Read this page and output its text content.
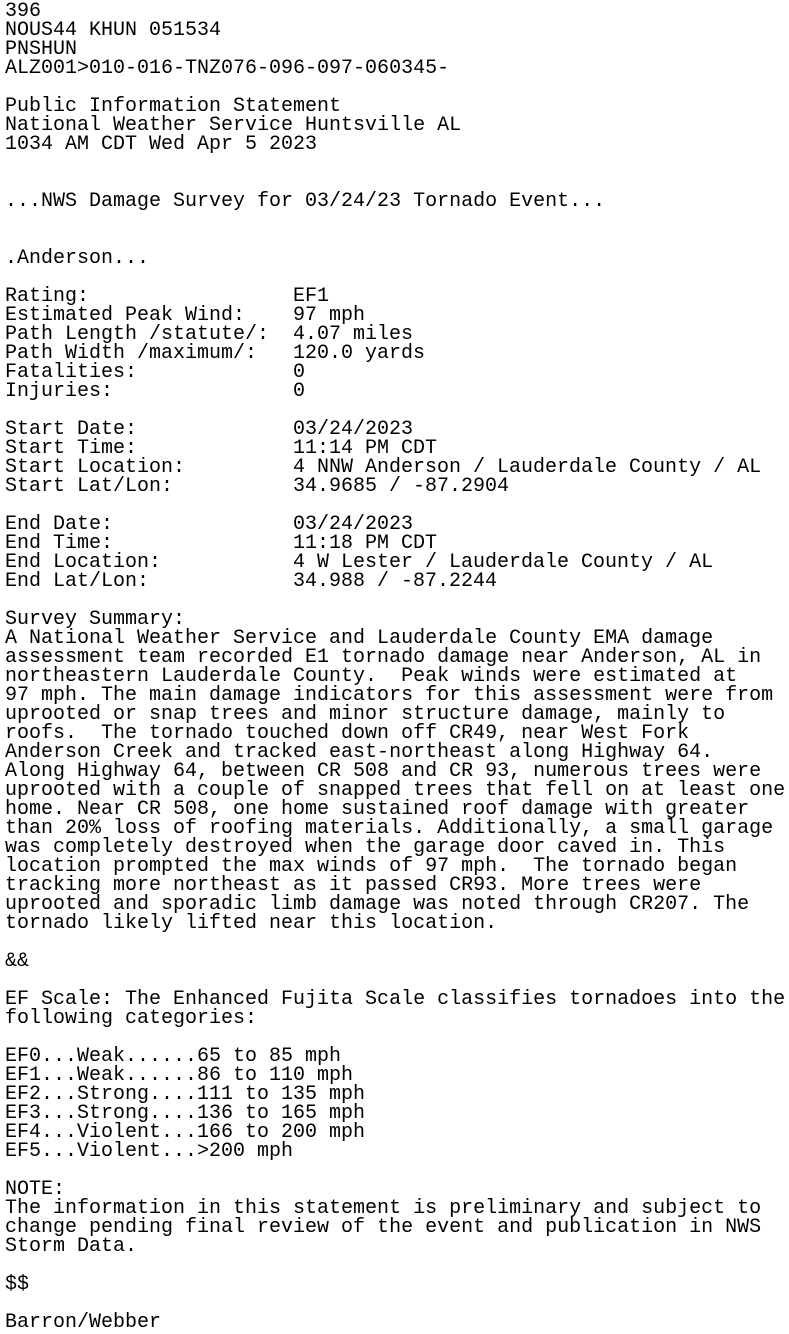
396
NOUS44 KHUN 051534
PNSHUN
ALZ001>010-016-TNZ076-096-097-060345-
Public Information Statement
National Weather Service Huntsville AL
1034 AM CDT Wed Apr 5 2023
...NWS Damage Survey for 03/24/23 Tornado Event...
.Anderson...
Rating:	EF1
Estimated Peak Wind: 97 mph
Path Length /statute/: 4.07 miles
Path Width /maximum/: 120.0 yards
Fatalities:	0
Injuries:	0
Start Date:	03/24/2023
Start Time:	11:14 PM CDT
Start Location:	4 NNW Anderson / Lauderdale County / AL
Start Lat/Lon:	34.9685 / -87.2904
End Date:	03/24/2023
End Time:	11:18 PM CDT
End Location:	4 W Lester / Lauderdale County / AL
End Lat/Lon:	34.988 / -87.2244
Survey Summary:
A National Weather Service and Lauderdale County EMA damage
assessment team recorded E1 tornado damage near Anderson, AL in
northeastern Lauderdale County.  Peak winds were estimated at
97 mph. The main damage indicators for this assessment were from
uprooted or snap trees and minor structure damage, mainly to
roofs.  The tornado touched down off CR49, near West Fork
Anderson Creek and tracked east-northeast along Highway 64.
Along Highway 64, between CR 508 and CR 93, numerous trees were
uprooted with a couple of snapped trees that fell on at least one
home. Near CR 508, one home sustained roof damage with greater
than 20% loss of roofing materials. Additionally, a small garage
was completely destroyed when the garage door caved in. This
location prompted the max winds of 97 mph.  The tornado began
tracking more northeast as it passed CR93. More trees were
uprooted and sporadic limb damage was noted through CR207. The
tornado likely lifted near this location.
&&
EF Scale: The Enhanced Fujita Scale classifies tornadoes into the
following categories:
EF0...Weak......65 to 85 mph
EF1...Weak......86 to 110 mph
EF2...Strong....111 to 135 mph
EF3...Strong....136 to 165 mph
EF4...Violent...166 to 200 mph
EF5...Violent...>200 mph
NOTE:
The information in this statement is preliminary and subject to
change pending final review of the event and publication in NWS
Storm Data.
$$
Barron/Webber
